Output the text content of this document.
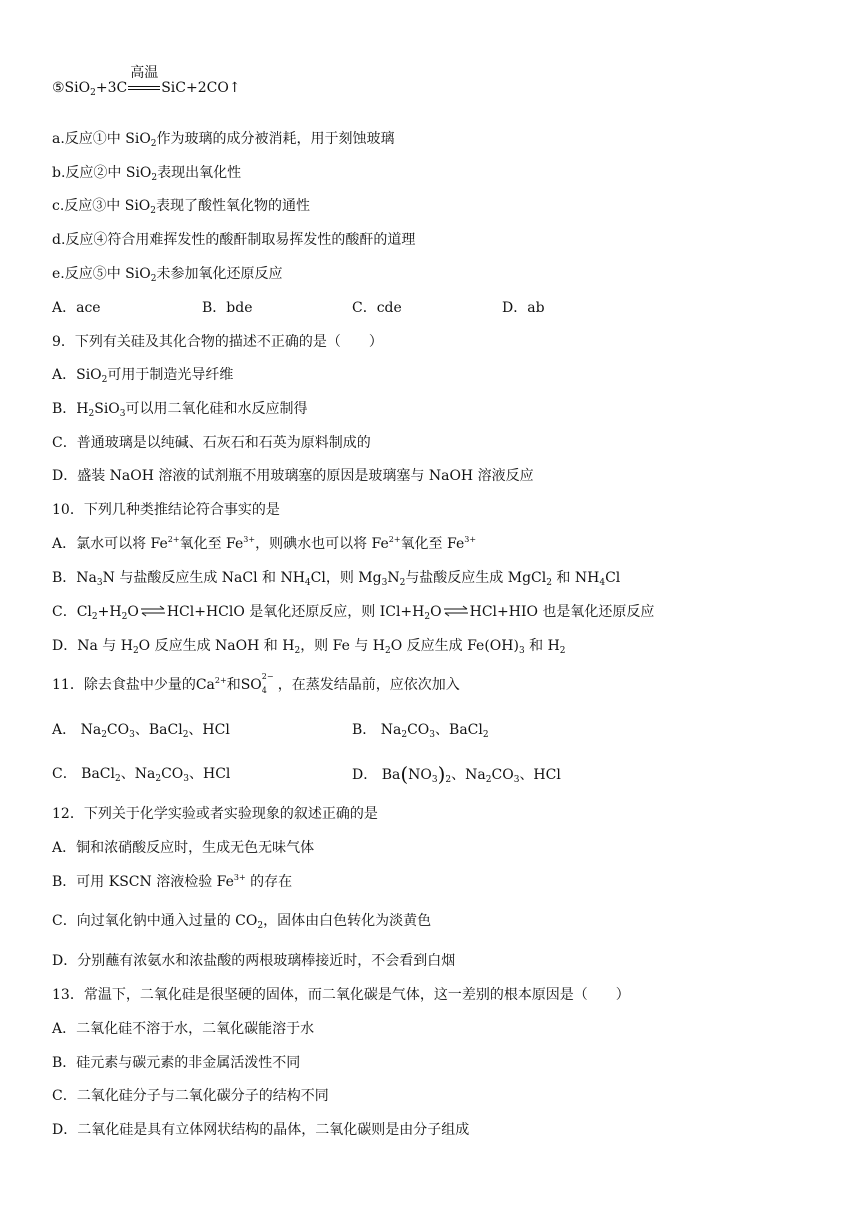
⑤SiO$_2$+3C
高温
SiC+2CO↑
a.反应①中 SiO$_2$作为玻璃的成分被消耗，用于刻蚀玻璃
b.反应②中 SiO$_2$表现出氧化性
c.反应③中 SiO$_2$表现了酸性氧化物的通性
d.反应④符合用难挥发性的酸酐制取易挥发性的酸酐的道理
e.反应⑤中 SiO$_2$未参加氧化还原反应
A．ace	B．bde	C．cde	D．ab
9．下列有关硅及其化合物的描述不正确的是（　　）
A．SiO$_2$可用于制造光导纤维
B．$H_2SiO_3$可以用二氧化硅和水反应制得
C．普通玻璃是以纯碱、石灰石和石英为原料制成的
D．盛装 NaOH 溶液的试剂瓶不用玻璃塞的原因是玻璃塞与 NaOH 溶液反应
10．下列几种类推结论符合事实的是
A．氯水可以将 $Fe^{2+}$氧化至 $Fe^{3+}$，则碘水也可以将 $Fe^{2+}$氧化至 $Fe^{3+}$
B．$Na_3N$ 与盐酸反应生成 NaCl 和 $NH_4Cl$，则 $Mg_3N_2$与盐酸反应生成 MgCl$_2$ 和 $NH_4Cl$
C．$Cl_2+H_2O\rightleftharpoons HCl+HClO$ 是氧化还原反应，则 $ICl+H_2O\rightleftharpoons HCl+HIO$ 也是氧化还原反应
D．Na 与 $H_2O$ 反应生成 NaOH 和 $H_2$，则 Fe 与 $H_2O$ 反应生成 $Fe(OH)_3$ 和 $H_2$
11．除去食盐中少量的$Ca^{2+}$和SO
2−
4 ，在蒸发结晶前，应依次加入
A． $Na_2CO_3$、BaCl$_2$、HCl	B． $Na_2CO_3$、BaCl$_2$
C． BaCl$_2$、$Na_2CO_3$、HCl	D． $Ba(NO_3)_2$、$Na_2CO_3$、HCl
12．下列关于化学实验或者实验现象的叙述正确的是
A．铜和浓硝酸反应时，生成无色无味气体
B．可用 KSCN 溶液检验 $Fe^{3+}$ 的存在
C．向过氧化钠中通入过量的 $CO_2$，固体由白色转化为淡黄色
D．分别蘸有浓氨水和浓盐酸的两根玻璃棒接近时，不会看到白烟
13．常温下，二氧化硅是很坚硬的固体，而二氧化碳是气体，这一差别的根本原因是（　　）
A．二氧化硅不溶于水，二氧化碳能溶于水
B．硅元素与碳元素的非金属活泼性不同
C．二氧化硅分子与二氧化碳分子的结构不同
D．二氧化硅是具有立体网状结构的晶体，二氧化碳则是由分子组成
